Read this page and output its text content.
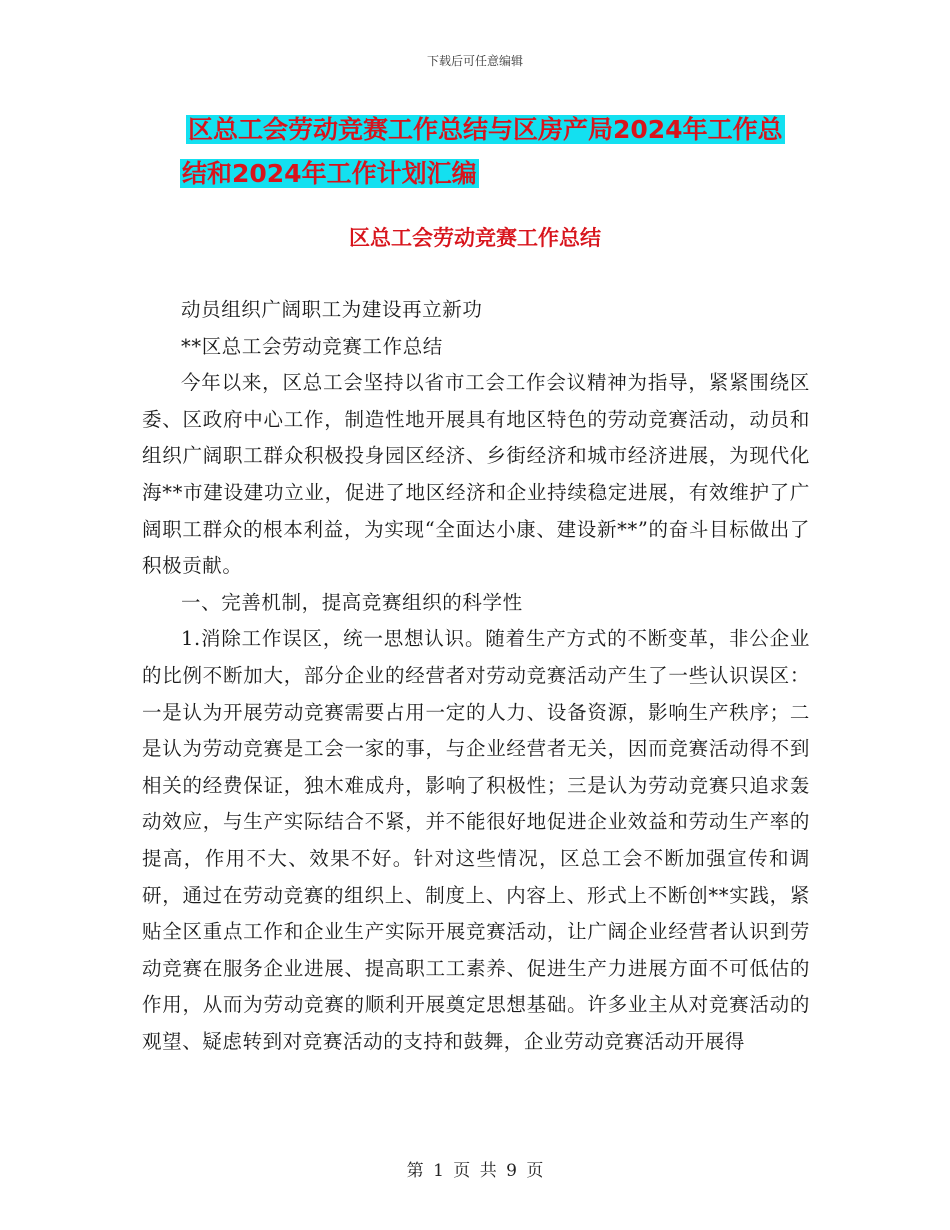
下载后可任意编辑
区总工会劳动竞赛工作总结与区房产局2024年工作总
结和2024年工作计划汇编
区总工会劳动竞赛工作总结

动员组织广阔职工为建设再立新功

**区总工会劳动竞赛工作总结

今年以来，区总工会坚持以省市工会工作会议精神为指导，紧紧围绕区委、区政府中心工作，制造性地开展具有地区特色的劳动竞赛活动，动员和组织广阔职工群众积极投身园区经济、乡街经济和城市经济进展，为现代化海**市建设建功立业，促进了地区经济和企业持续稳定进展，有效维护了广阔职工群众的根本利益，为实现“全面达小康、建设新**”的奋斗目标做出了积极贡献。

一、完善机制，提高竞赛组织的科学性

1.消除工作误区，统一思想认识。随着生产方式的不断变革，非公企业的比例不断加大，部分企业的经营者对劳动竞赛活动产生了一些认识误区：一是认为开展劳动竞赛需要占用一定的人力、设备资源，影响生产秩序；二是认为劳动竞赛是工会一家的事，与企业经营者无关，因而竞赛活动得不到相关的经费保证，独木难成舟，影响了积极性；三是认为劳动竞赛只追求轰动效应，与生产实际结合不紧，并不能很好地促进企业效益和劳动生产率的提高，作用不大、效果不好。针对这些情况，区总工会不断加强宣传和调研，通过在劳动竞赛的组织上、制度上、内容上、形式上不断创**实践，紧贴全区重点工作和企业生产实际开展竞赛活动，让广阔企业经营者认识到劳动竞赛在服务企业进展、提高职工工素养、促进生产力进展方面不可低估的作用，从而为劳动竞赛的顺利开展奠定思想基础。许多业主从对竞赛活动的观望、疑虑转到对竞赛活动的支持和鼓舞，企业劳动竞赛活动开展得

第 1 页 共 9 页
